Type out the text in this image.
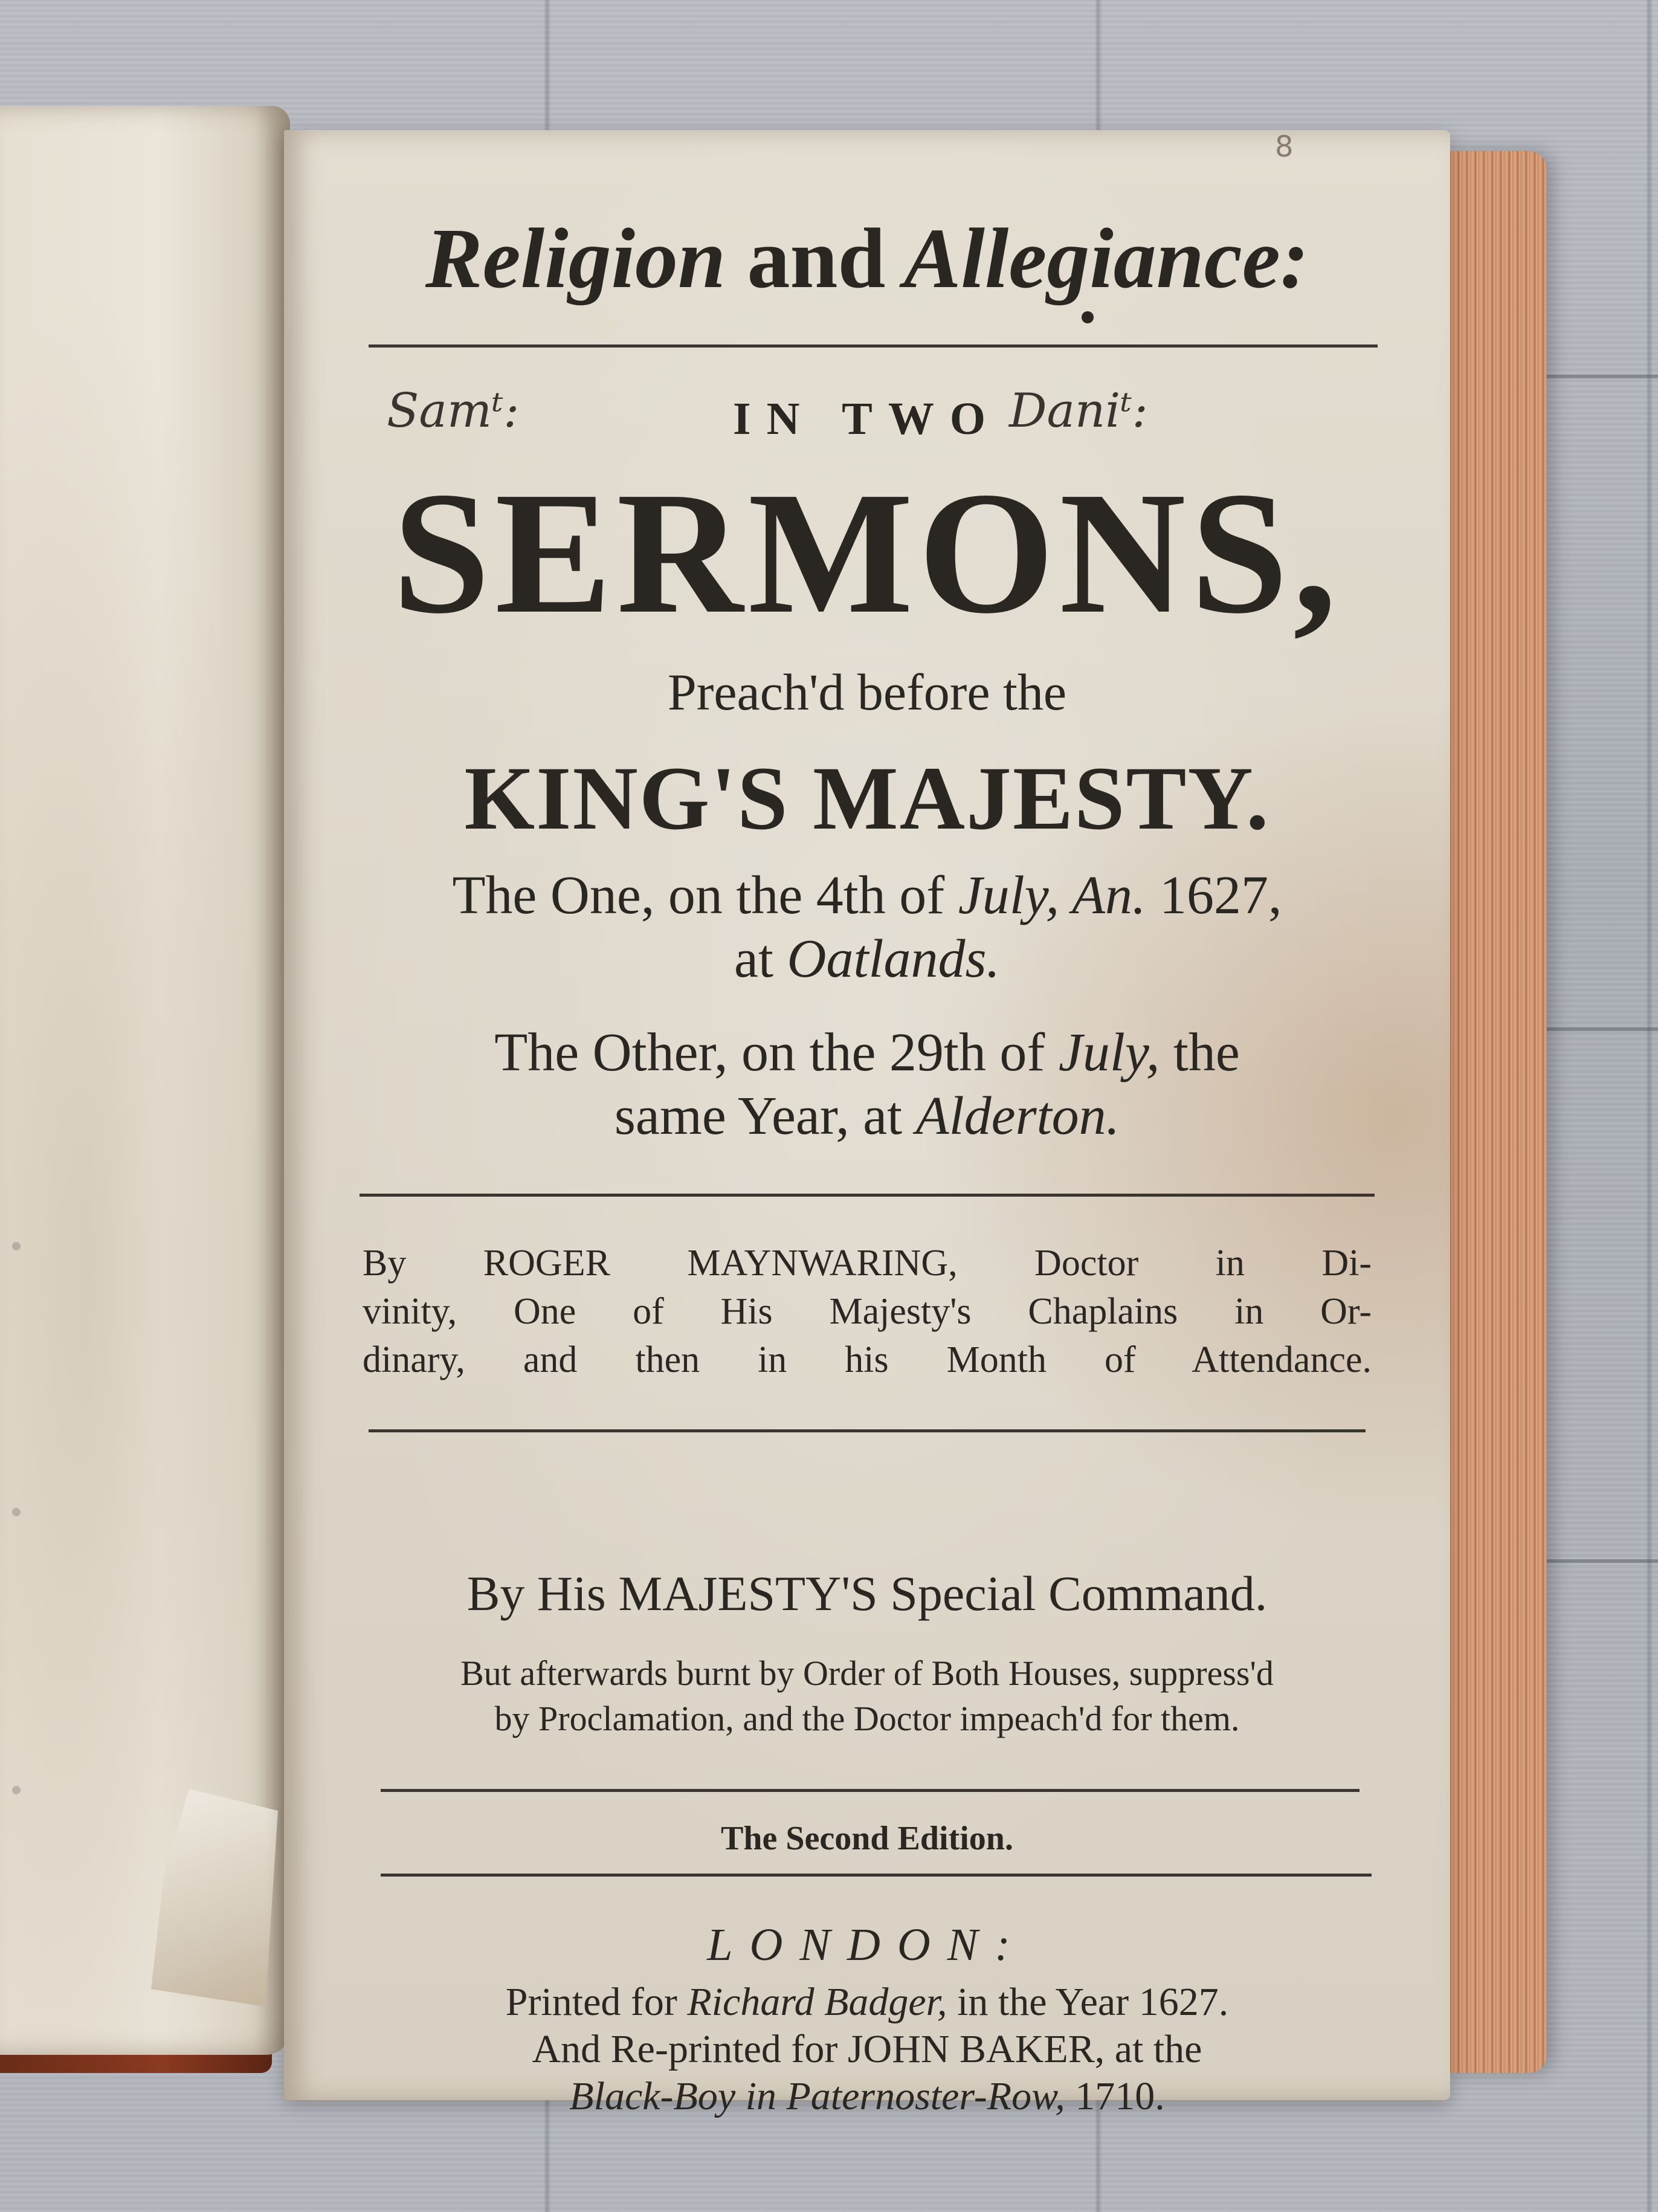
8
Religion and Allegiance:
Samᵗ:	IN TWO Daniᵗ:
SERMONS,
Preach'd before the
KING'S MAJESTY.
The One, on the 4th of July, An. 1627,
at Oatlands.
The Other, on the 29th of July, the
same Year, at Alderton.
By ROGER MAYNWARING, Doctor in Di-
vinity, One of His Majesty's Chaplains in Or-
dinary, and then in his Month of Attendance.
By His MAJESTY'S Special Command.
But afterwards burnt by Order of Both Houses, suppress'd
by Proclamation, and the Doctor impeach'd for them.
The Second Edition.
LONDON:
Printed for Richard Badger, in the Year 1627.
And Re-printed for JOHN BAKER, at the
Black-Boy in Paternoster-Row, 1710.
